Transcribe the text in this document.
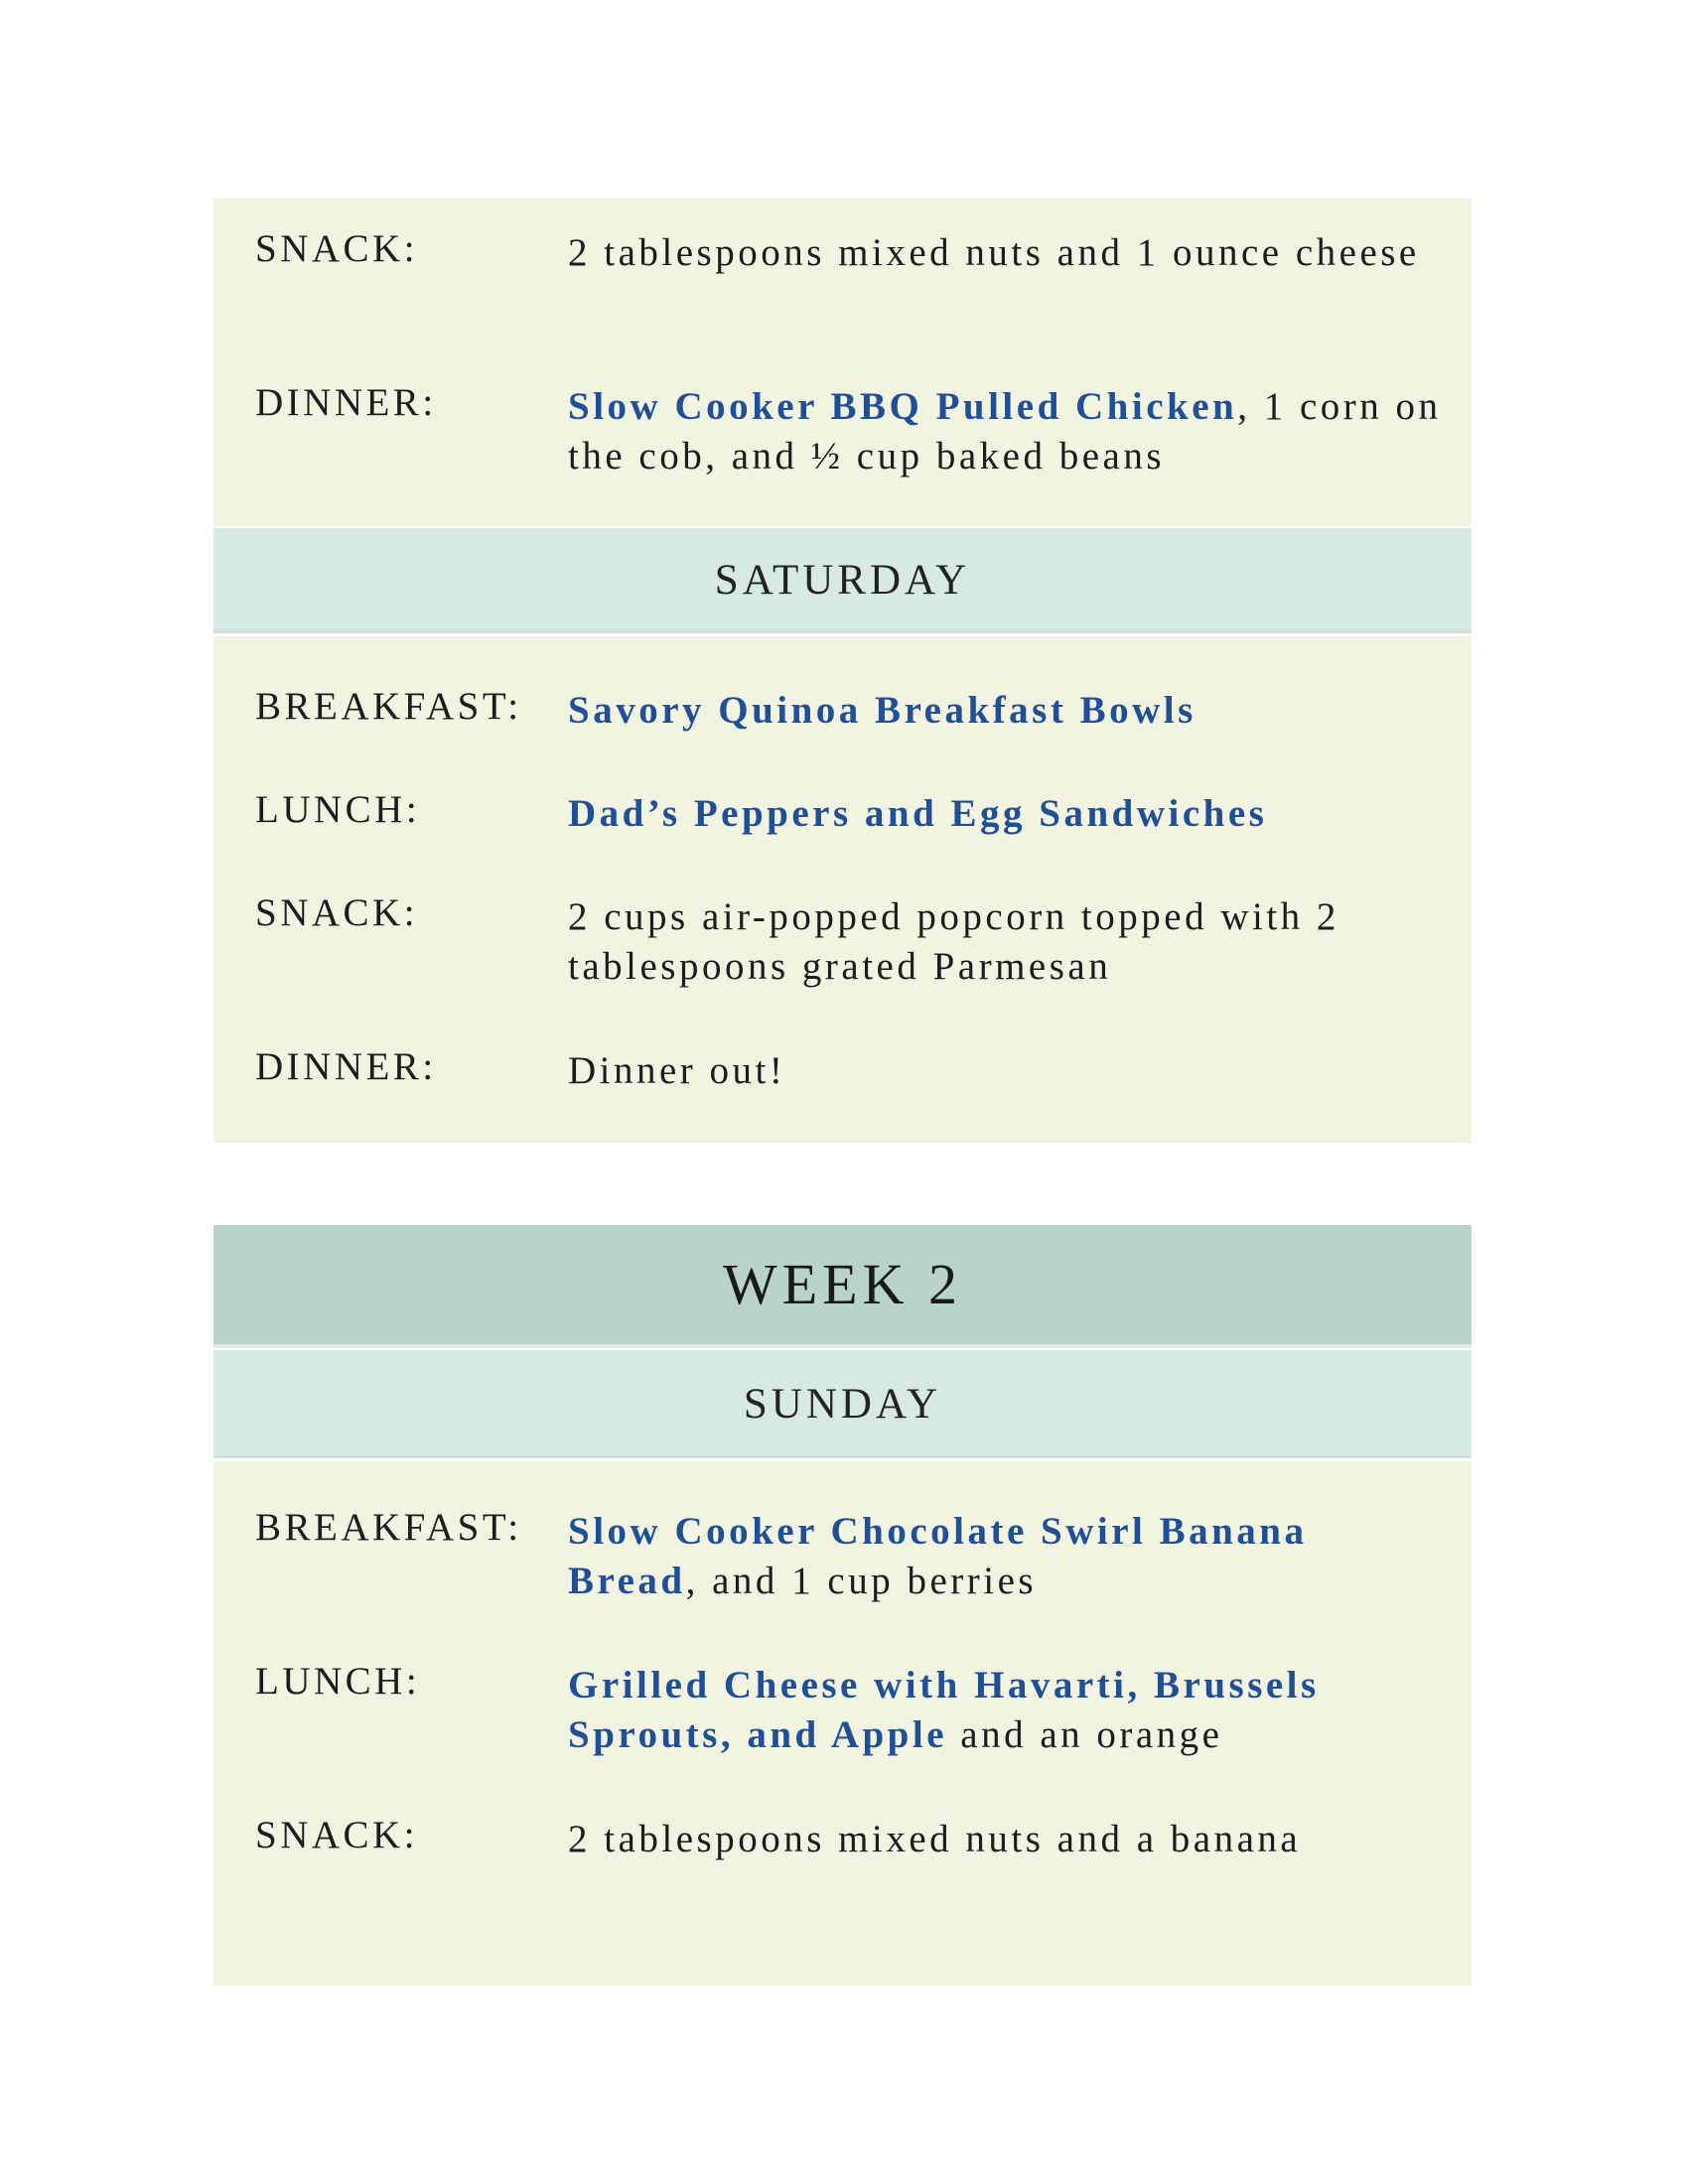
SNACK:	2 tablespoons mixed nuts and 1 ounce cheese
DINNER:	Slow Cooker BBQ Pulled Chicken, 1 corn on the cob, and ½ cup baked beans
SATURDAY
BREAKFAST: Savory Quinoa Breakfast Bowls
LUNCH:	Dad’s Peppers and Egg Sandwiches
SNACK:	2 cups air-popped popcorn topped with 2 tablespoons grated Parmesan
DINNER:	Dinner out!
WEEK 2
SUNDAY
BREAKFAST: Slow Cooker Chocolate Swirl Banana Bread, and 1 cup berries
LUNCH:	Grilled Cheese with Havarti, Brussels Sprouts, and Apple and an orange
SNACK:	2 tablespoons mixed nuts and a banana
